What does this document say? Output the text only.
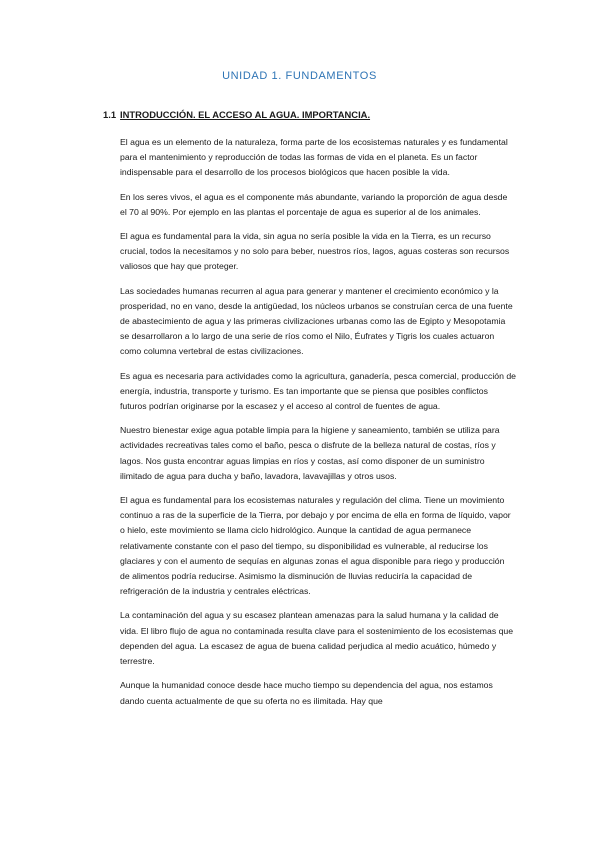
UNIDAD 1. FUNDAMENTOS
1.1 INTRODUCCIÓN. EL ACCESO AL AGUA. IMPORTANCIA.

El agua es un elemento de la naturaleza, forma parte de los ecosistemas naturales y es fundamental para el mantenimiento y reproducción de todas las formas de vida en el planeta. Es un factor indispensable para el desarrollo de los procesos biológicos que hacen posible la vida.

En los seres vivos, el agua es el componente más abundante, variando la proporción de agua desde el 70 al 90%. Por ejemplo en las plantas el porcentaje de agua es superior al de los animales.

El agua es fundamental para la vida, sin agua no sería posible la vida en la Tierra, es un recurso crucial, todos la necesitamos y no solo para beber, nuestros ríos, lagos, aguas costeras son recursos valiosos que hay que proteger.

Las sociedades humanas recurren al agua para generar y mantener el crecimiento económico y la prosperidad, no en vano, desde la antigüedad, los núcleos urbanos se construían cerca de una fuente de abastecimiento de agua y las primeras civilizaciones urbanas como las de Egipto y Mesopotamia se desarrollaron a lo largo de una serie de ríos como el Nilo, Éufrates y Tigris los cuales actuaron como columna vertebral de estas civilizaciones.

Es agua es necesaria para actividades como la agricultura, ganadería, pesca comercial, producción de energía, industria, transporte y turismo. Es tan importante que se piensa que posibles conflictos futuros podrían originarse por la escasez y el acceso al control de fuentes de agua.

Nuestro bienestar exige agua potable limpia para la higiene y saneamiento, también se utiliza para actividades recreativas tales como el baño, pesca o disfrute de la belleza natural de costas, ríos y lagos. Nos gusta encontrar aguas limpias en ríos y costas, así como disponer de un suministro ilimitado de agua para ducha y baño, lavadora, lavavajillas y otros usos.

El agua es fundamental para los ecosistemas naturales y regulación del clima. Tiene un movimiento continuo a ras de la superficie de la Tierra, por debajo y por encima de ella en forma de líquido, vapor o hielo, este movimiento se llama ciclo hidrológico. Aunque la cantidad de agua permanece relativamente constante con el paso del tiempo, su disponibilidad es vulnerable, al reducirse los glaciares y con el aumento de sequías en algunas zonas el agua disponible para riego y producción de alimentos podría reducirse. Asimismo la disminución de lluvias reduciría la capacidad de refrigeración de la industria y centrales eléctricas.

La contaminación del agua y su escasez plantean amenazas para la salud humana y la calidad de vida. El libro flujo de agua no contaminada resulta clave para el sostenimiento de los ecosistemas que dependen del agua. La escasez de agua de buena calidad perjudica al medio acuático, húmedo y terrestre.

Aunque la humanidad conoce desde hace mucho tiempo su dependencia del agua, nos estamos dando cuenta actualmente de que su oferta no es ilimitada. Hay que
